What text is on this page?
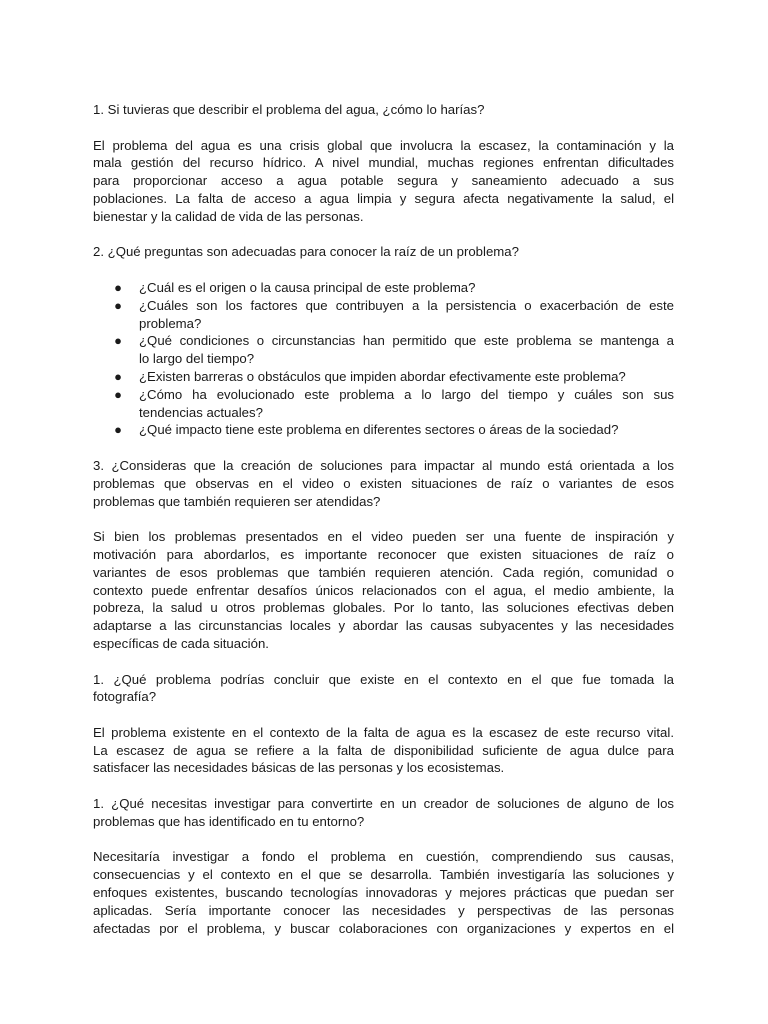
1. Si tuvieras que describir el problema del agua, ¿cómo lo harías?
El problema del agua es una crisis global que involucra la escasez, la contaminación y la
mala gestión del recurso hídrico. A nivel mundial, muchas regiones enfrentan dificultades
para proporcionar acceso a agua potable segura y saneamiento adecuado a sus
poblaciones. La falta de acceso a agua limpia y segura afecta negativamente la salud, el
bienestar y la calidad de vida de las personas.
2. ¿Qué preguntas son adecuadas para conocer la raíz de un problema?
● ¿Cuál es el origen o la causa principal de este problema?
● ¿Cuáles son los factores que contribuyen a la persistencia o exacerbación de este
problema?
● ¿Qué condiciones o circunstancias han permitido que este problema se mantenga a
lo largo del tiempo?
● ¿Existen barreras o obstáculos que impiden abordar efectivamente este problema?
● ¿Cómo ha evolucionado este problema a lo largo del tiempo y cuáles son sus
tendencias actuales?
● ¿Qué impacto tiene este problema en diferentes sectores o áreas de la sociedad?
3. ¿Consideras que la creación de soluciones para impactar al mundo está orientada a los
problemas que observas en el video o existen situaciones de raíz o variantes de esos
problemas que también requieren ser atendidas?
Si bien los problemas presentados en el video pueden ser una fuente de inspiración y
motivación para abordarlos, es importante reconocer que existen situaciones de raíz o
variantes de esos problemas que también requieren atención. Cada región, comunidad o
contexto puede enfrentar desafíos únicos relacionados con el agua, el medio ambiente, la
pobreza, la salud u otros problemas globales. Por lo tanto, las soluciones efectivas deben
adaptarse a las circunstancias locales y abordar las causas subyacentes y las necesidades
específicas de cada situación.
1. ¿Qué problema podrías concluir que existe en el contexto en el que fue tomada la
fotografía?
El problema existente en el contexto de la falta de agua es la escasez de este recurso vital.
La escasez de agua se refiere a la falta de disponibilidad suficiente de agua dulce para
satisfacer las necesidades básicas de las personas y los ecosistemas.
1. ¿Qué necesitas investigar para convertirte en un creador de soluciones de alguno de los
problemas que has identificado en tu entorno?
Necesitaría investigar a fondo el problema en cuestión, comprendiendo sus causas,
consecuencias y el contexto en el que se desarrolla. También investigaría las soluciones y
enfoques existentes, buscando tecnologías innovadoras y mejores prácticas que puedan ser
aplicadas. Sería importante conocer las necesidades y perspectivas de las personas
afectadas por el problema, y buscar colaboraciones con organizaciones y expertos en el
